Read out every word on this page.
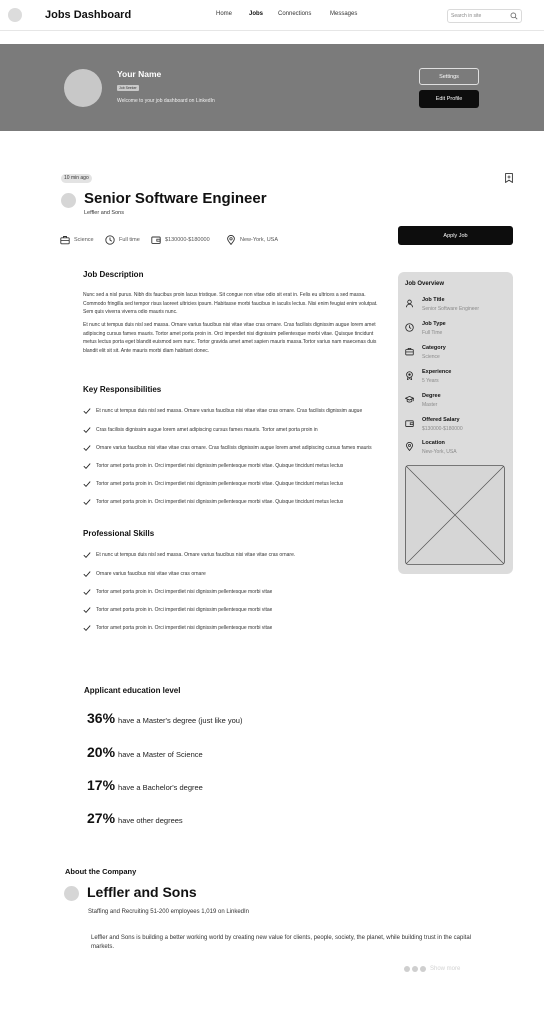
Jobs Dashboard	Home	Jobs Connections	Messages	Search in site
Your Name
Job Seeker
Welcome to your job dashboard on LinkedIn
Settings
Edit Profile
10 min ago
Senior Software Engineer
Leffler and Sons
Science	Full time	$130000-$180000	New-York, USA
Apply Job
Job Description

Nunc sed a nisl purus. Nibh dis faucibus proin lacus tristique. Sit congue non vitae odio sit erat in. Felis eu ultrices a sed massa. Commodo fringilla sed tempor risus laoreet ultricies ipsum. Habitasse morbi faucibus in iaculis lectus. Nisi enim feugiat enim volutpat. Sem quis viverra viverra odio mauris nunc.

Et nunc ut tempus duis nisl sed massa. Ornare varius faucibus nisi vitae vitae cras ornare. Cras facilisis dignissim augue lorem amet adipiscing cursus fames mauris. Tortor amet porta proin in. Orci imperdiet nisi dignissim pellentesque morbi vitae. Quisque tincidunt metus lectus porta eget blandit euismod sem nunc. Tortor gravida amet amet sapien mauris massa.Tortor varius nam maecenas duis blandit elit sit sit. Ante mauris morbi diam habitant donec.

Key Responsibilities
Et nunc ut tempus duis nisl sed massa. Ornare varius faucibus nisi vitae vitae cras ornare. Cras facilisis dignissim augue
Cras facilisis dignissim augue lorem amet adipiscing cursus fames mauris. Tortor amet porta proin in
Ornare varius faucibus nisi vitae vitae cras ornare. Cras facilisis dignissim augue lorem amet adipiscing cursus fames mauris
Tortor amet porta proin in. Orci imperdiet nisi dignissim pellentesque morbi vitae. Quisque tincidunt metus lectus
Tortor amet porta proin in. Orci imperdiet nisi dignissim pellentesque morbi vitae. Quisque tincidunt metus lectus
Tortor amet porta proin in. Orci imperdiet nisi dignissim pellentesque morbi vitae. Quisque tincidunt metus lectus
Professional Skills
Et nunc ut tempus duis nisl sed massa. Ornare varius faucibus nisi vitae vitae cras ornare.
Ornare varius faucibus nisi vitae vitae cras ornare
Tortor amet porta proin in. Orci imperdiet nisi dignissim pellentesque morbi vitae
Tortor amet porta proin in. Orci imperdiet nisi dignissim pellentesque morbi vitae
Tortor amet porta proin in. Orci imperdiet nisi dignissim pellentesque morbi vitae
Job Overview
Job Title
Senior Software Engineer
Job Type
Full Time
Category
Science
Experience
5 Years
Degree
Master
Offered Salary
$130000-$180000
Location
New-York, USA
Applicant education level
36% have a Master's degree (just like you)
20% have a Master of Science
17% have a Bachelor's degree
27% have other degrees
About the Company
Leffler and Sons
Staffing and Recruiting 51-200 employees 1,019 on LinkedIn

Leffler and Sons is building a better working world by creating new value for clients, people, society, the planet, while building trust in the capital markets.

Show more
